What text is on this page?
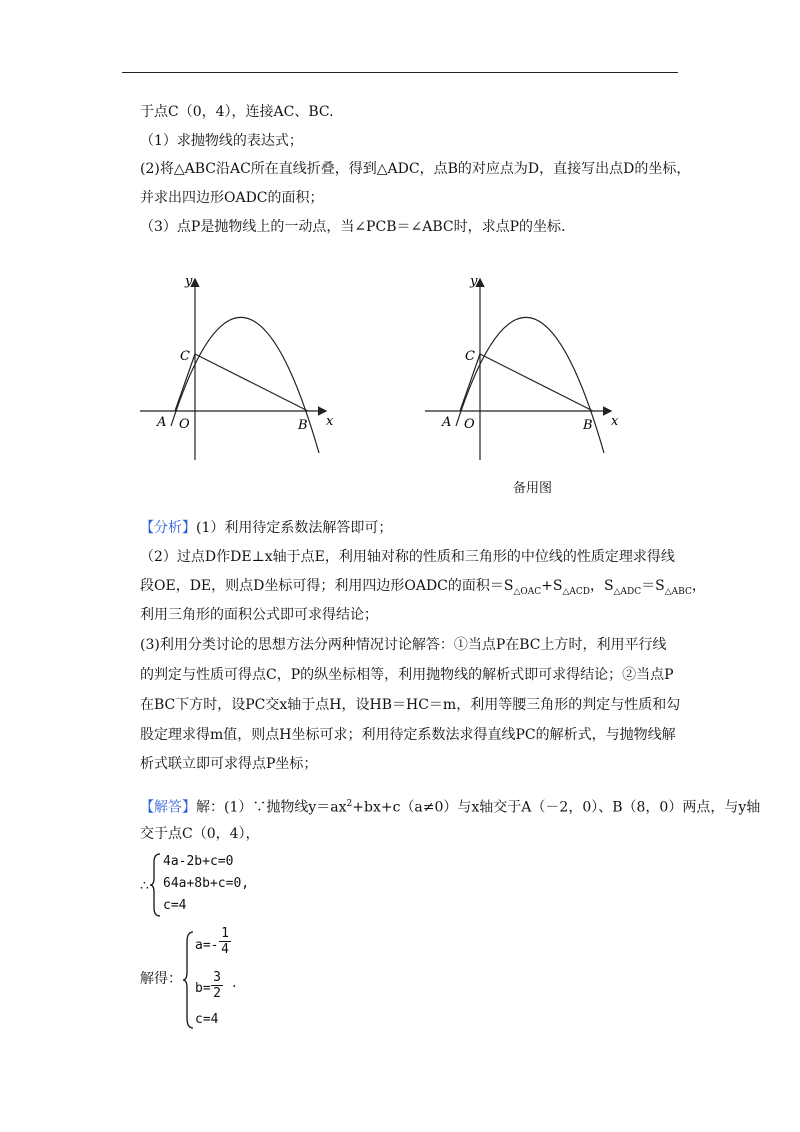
于点C（0，4），连接AC、BC.
（1）求抛物线的表达式；
(2)将△ABC沿AC所在直线折叠，得到△ADC，点B的对应点为D，直接写出点D的坐标，
并求出四边形OADC的面积；
（3）点P是抛物线上的一动点，当∠PCB＝∠ABC时，求点P的坐标.
y
x
A O	B
C
y
x
A O	B
C
备用图
【分析】(1）利用待定系数法解答即可；
（2）过点D作DE⊥x轴于点E，利用轴对称的性质和三角形的中位线的性质定理求得线
段OE，DE，则点D坐标可得；利用四边形OADC的面积$=S_{\triangle OAC}+S_{\triangle ACD}$，$S_{\triangle ADC}=S_{\triangle ABC}$，
利用三角形的面积公式即可求得结论；
(3)利用分类讨论的思想方法分两种情况讨论解答：①当点P在BC上方时，利用平行线
的判定与性质可得点C，P的纵坐标相等，利用抛物线的解析式即可求得结论；②当点P
在BC下方时，设PC交x轴于点H，设HB＝HC＝m，利用等腰三角形的判定与性质和勾
股定理求得m值，则点H坐标可求；利用待定系数法求得直线PC的解析式，与抛物线解
析式联立即可求得点P坐标；
【解答】解：(1）∵抛物线$y=ax^2+bx+c(a\ne 0)$与x轴交于A（－2，0）、B（8，0）两点，与y轴
交于点C（0，4），
∴
4a-2b+c=0
64a+8b+c=0,
c=4
解得：
a=-
1
4
b=
3
2
.
c=4
